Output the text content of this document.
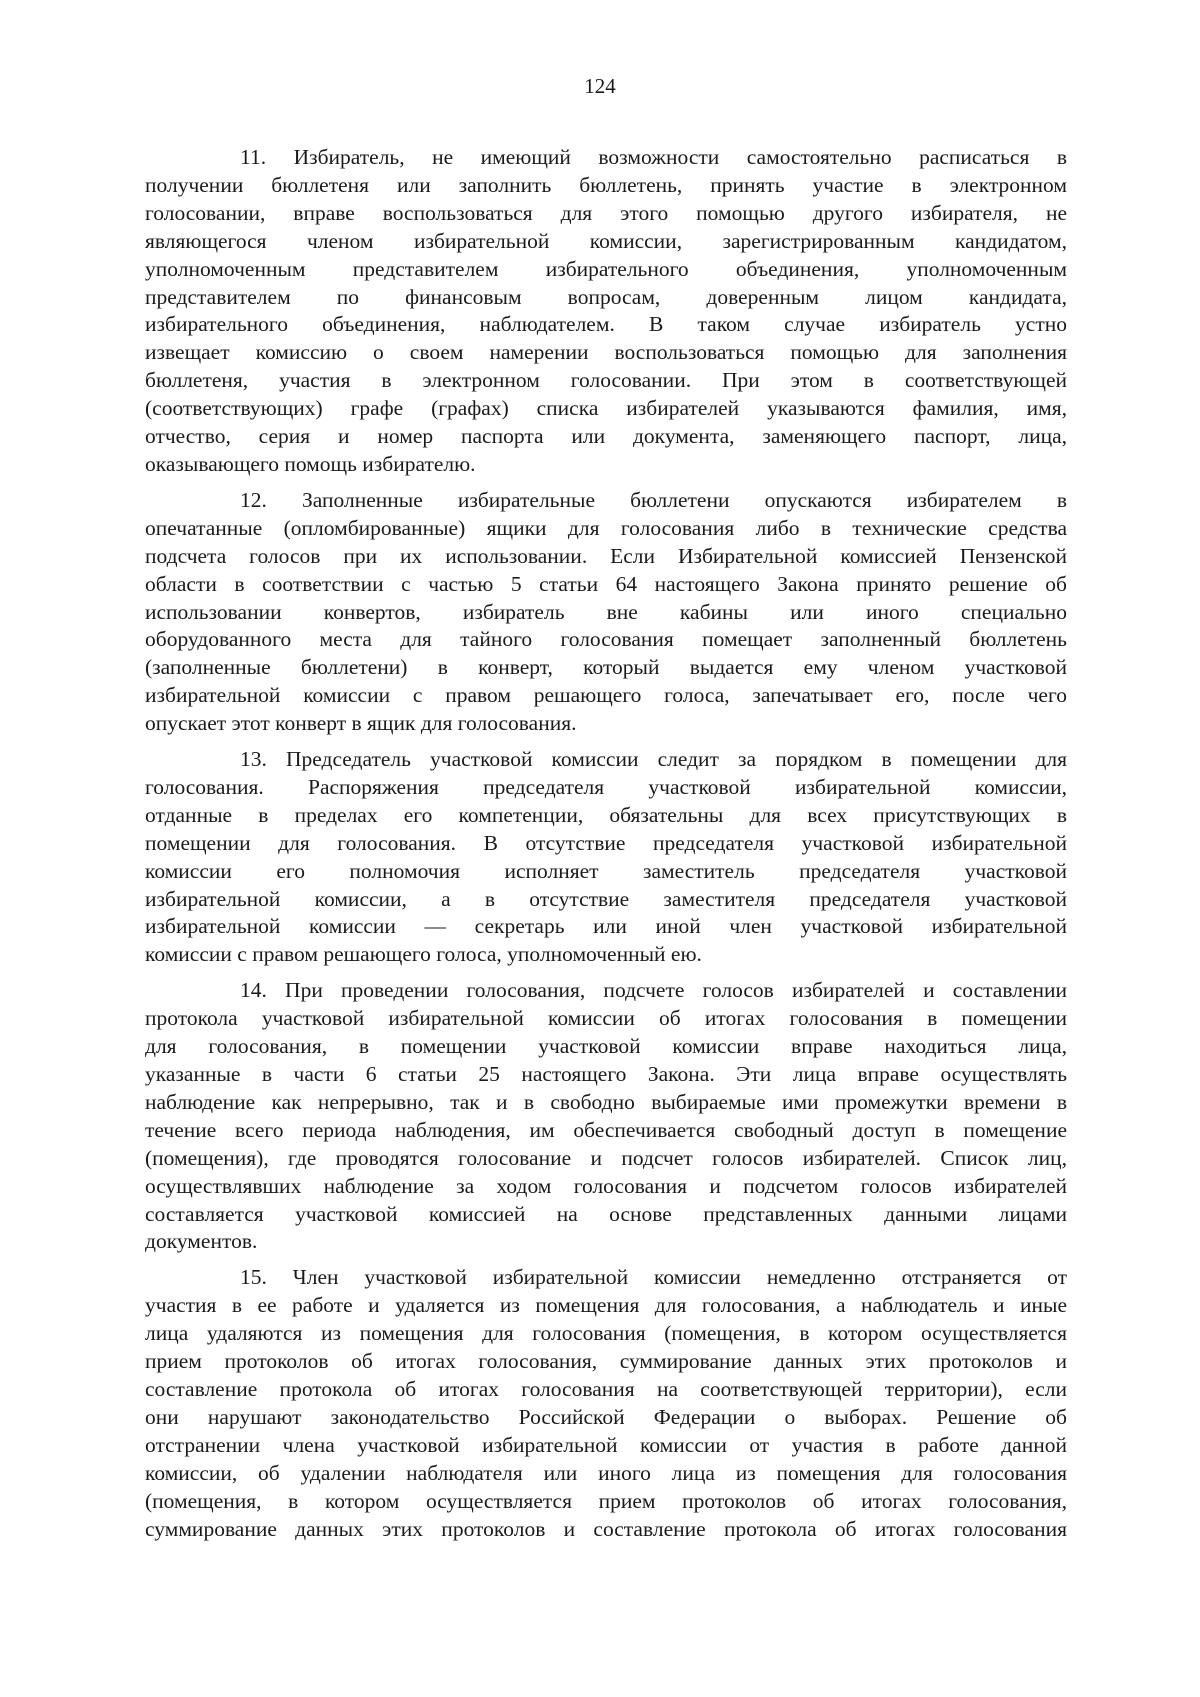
124
11. Избиратель, не имеющий возможности самостоятельно расписаться в
получении бюллетеня или заполнить бюллетень, принять участие в электронном
голосовании, вправе воспользоваться для этого помощью другого избирателя, не
являющегося членом избирательной комиссии, зарегистрированным кандидатом,
уполномоченным представителем избирательного объединения, уполномоченным
представителем по финансовым вопросам, доверенным лицом кандидата,
избирательного объединения, наблюдателем. В таком случае избиратель устно
извещает комиссию о своем намерении воспользоваться помощью для заполнения
бюллетеня, участия в электронном голосовании. При этом в соответствующей
(соответствующих) графе (графах) списка избирателей указываются фамилия, имя,
отчество, серия и номер паспорта или документа, заменяющего паспорт, лица,
оказывающего помощь избирателю.
12. Заполненные избирательные бюллетени опускаются избирателем в
опечатанные (опломбированные) ящики для голосования либо в технические средства
подсчета голосов при их использовании. Если Избирательной комиссией Пензенской
области в соответствии с частью 5 статьи 64 настоящего Закона принято решение об
использовании конвертов, избиратель вне кабины или иного специально
оборудованного места для тайного голосования помещает заполненный бюллетень
(заполненные бюллетени) в конверт, который выдается ему членом участковой
избирательной комиссии с правом решающего голоса, запечатывает его, после чего
опускает этот конверт в ящик для голосования.
13. Председатель участковой комиссии следит за порядком в помещении для
голосования. Распоряжения председателя участковой избирательной комиссии,
отданные в пределах его компетенции, обязательны для всех присутствующих в
помещении для голосования. В отсутствие председателя участковой избирательной
комиссии его полномочия исполняет заместитель председателя участковой
избирательной комиссии, а в отсутствие заместителя председателя участковой
избирательной комиссии — секретарь или иной член участковой избирательной
комиссии с правом решающего голоса, уполномоченный ею.
14. При проведении голосования, подсчете голосов избирателей и составлении
протокола участковой избирательной комиссии об итогах голосования в помещении
для голосования, в помещении участковой комиссии вправе находиться лица,
указанные в части 6 статьи 25 настоящего Закона. Эти лица вправе осуществлять
наблюдение как непрерывно, так и в свободно выбираемые ими промежутки времени в
течение всего периода наблюдения, им обеспечивается свободный доступ в помещение
(помещения), где проводятся голосование и подсчет голосов избирателей. Список лиц,
осуществлявших наблюдение за ходом голосования и подсчетом голосов избирателей
составляется участковой комиссией на основе представленных данными лицами
документов.
15. Член участковой избирательной комиссии немедленно отстраняется от
участия в ее работе и удаляется из помещения для голосования, а наблюдатель и иные
лица удаляются из помещения для голосования (помещения, в котором осуществляется
прием протоколов об итогах голосования, суммирование данных этих протоколов и
составление протокола об итогах голосования на соответствующей территории), если
они нарушают законодательство Российской Федерации о выборах. Решение об
отстранении члена участковой избирательной комиссии от участия в работе данной
комиссии, об удалении наблюдателя или иного лица из помещения для голосования
(помещения, в котором осуществляется прием протоколов об итогах голосования,
суммирование данных этих протоколов и составление протокола об итогах голосования
